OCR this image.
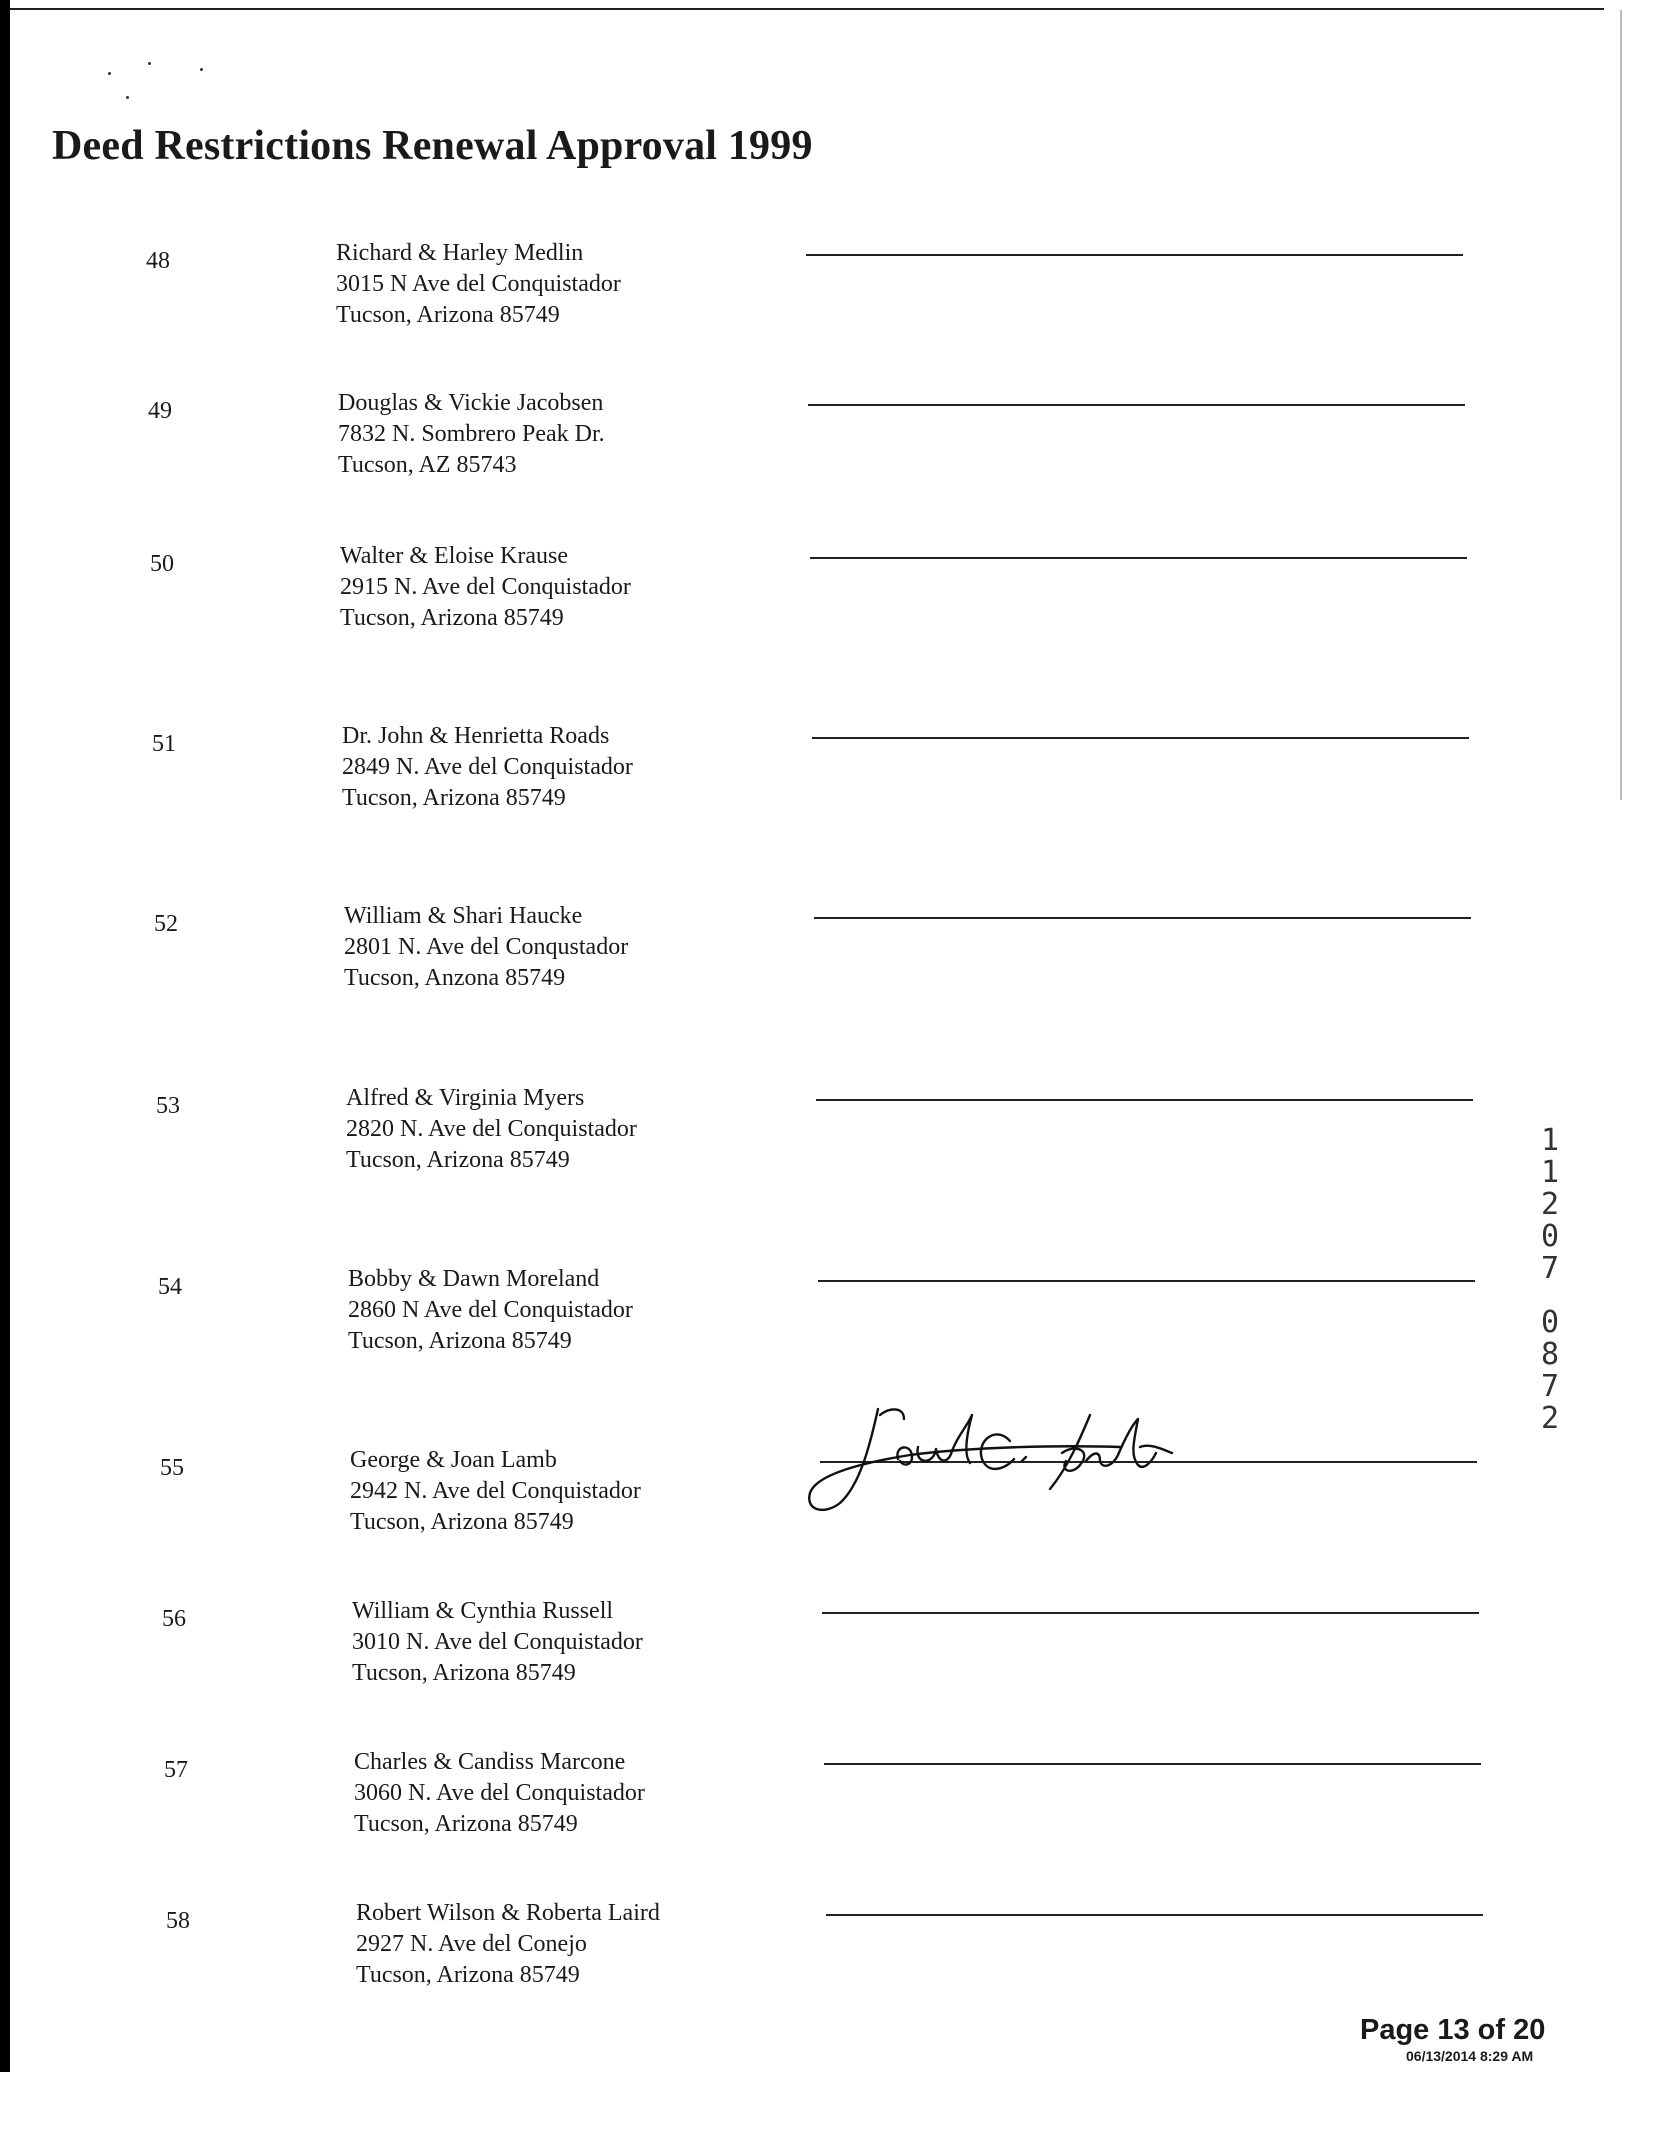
Deed Restrictions Renewal Approval 1999
48	Richard & Harley Medlin
3015 N Ave del Conquistador
Tucson, Arizona 85749
49	Douglas & Vickie Jacobsen
7832 N. Sombrero Peak Dr.
Tucson, AZ 85743
50	Walter & Eloise Krause
2915 N. Ave del Conquistador
Tucson, Arizona 85749
51	Dr. John & Henrietta Roads
2849 N. Ave del Conquistador
Tucson, Arizona 85749
52	William & Shari Haucke
2801 N. Ave del Conqustador
Tucson, Anzona 85749
53	Alfred & Virginia Myers
2820 N. Ave del Conquistador
Tucson, Arizona 85749
54	Bobby & Dawn Moreland
2860 N Ave del Conquistador
Tucson, Arizona 85749
55	George & Joan Lamb
2942 N. Ave del Conquistador
Tucson, Arizona 85749
56	William & Cynthia Russell
3010 N. Ave del Conquistador
Tucson, Arizona 85749
57	Charles & Candiss Marcone
3060 N. Ave del Conquistador
Tucson, Arizona 85749
58	Robert Wilson & Roberta Laird
2927 N. Ave del Conejo
Tucson, Arizona 85749
1
1
2
0
7
0
8
7
2
Page 13 of 20
06/13/2014 8:29 AM
